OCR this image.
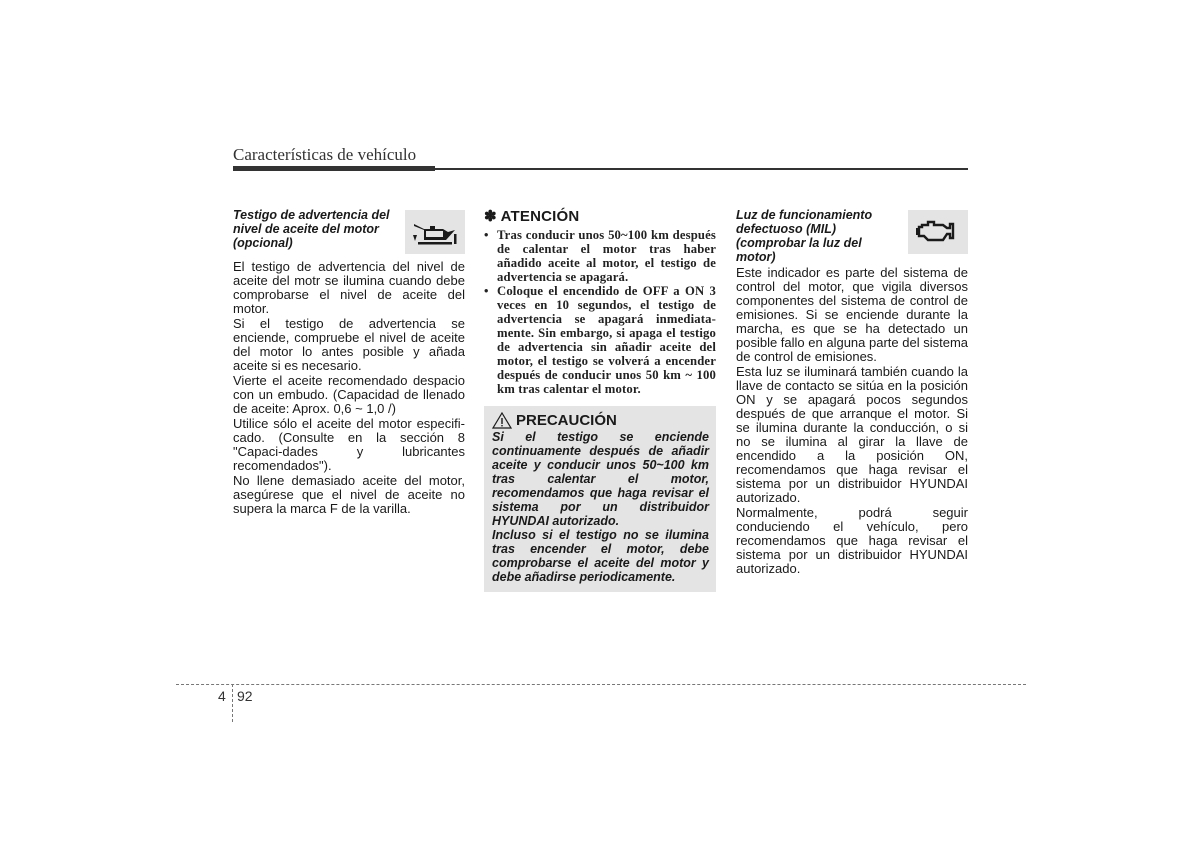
Características de vehículo

Testigo de advertencia del nivel de aceite del motor (opcional)

El testigo de advertencia del nivel de aceite del motr se ilumina cuando debe comprobarse el nivel de aceite del motor.

Si el testigo de advertencia se enciende, compruebe el nivel de aceite del motor lo antes posible y añada aceite si es necesario.

Vierte el aceite recomendado despacio con un embudo. (Capacidad de llenado de aceite: Aprox. 0,6 ~ 1,0 /)

Utilice sólo el aceite del motor especifi-cado. (Consulte en la sección 8 "Capaci-dades y lubricantes recomendados").

No llene demasiado aceite del motor, asegúrese que el nivel de aceite no supera la marca F de la varilla.

✽ ATENCIÓN
• Tras conducir unos 50~100 km después de calentar el motor tras haber añadido aceite al motor, el testigo de advertencia se apagará.
• Coloque el encendido de OFF a ON 3 veces en 10 segundos, el testigo de advertencia se apagará inmediata-mente. Sin embargo, si apaga el testigo de advertencia sin añadir aceite del motor, el testigo se volverá a encender después de conducir unos 50 km ~ 100 km tras calentar el motor.
PRECAUCIÓN

Si el testigo se enciende continuamente después de añadir aceite y conducir unos 50~100 km tras calentar el motor, recomendamos que haga revisar el sistema por un distribuidor HYUNDAI autorizado.

Incluso si el testigo no se ilumina tras encender el motor, debe comprobarse el aceite del motor y debe añadirse periodicamente.

Luz de funcionamiento defectuoso (MIL) (comprobar la luz del motor)

Este indicador es parte del sistema de control del motor, que vigila diversos componentes del sistema de control de emisiones. Si se enciende durante la marcha, es que se ha detectado un posible fallo en alguna parte del sistema de control de emisiones.

Esta luz se iluminará también cuando la llave de contacto se sitúa en la posición ON y se apagará pocos segundos después de que arranque el motor. Si se ilumina durante la conducción, o si no se ilumina al girar la llave de encendido a la posición ON, recomendamos que haga revisar el sistema por un distribuidor HYUNDAI autorizado.

Normalmente, podrá seguir conduciendo el vehículo, pero recomendamos que haga revisar el sistema por un distribuidor HYUNDAI autorizado.

4 92
